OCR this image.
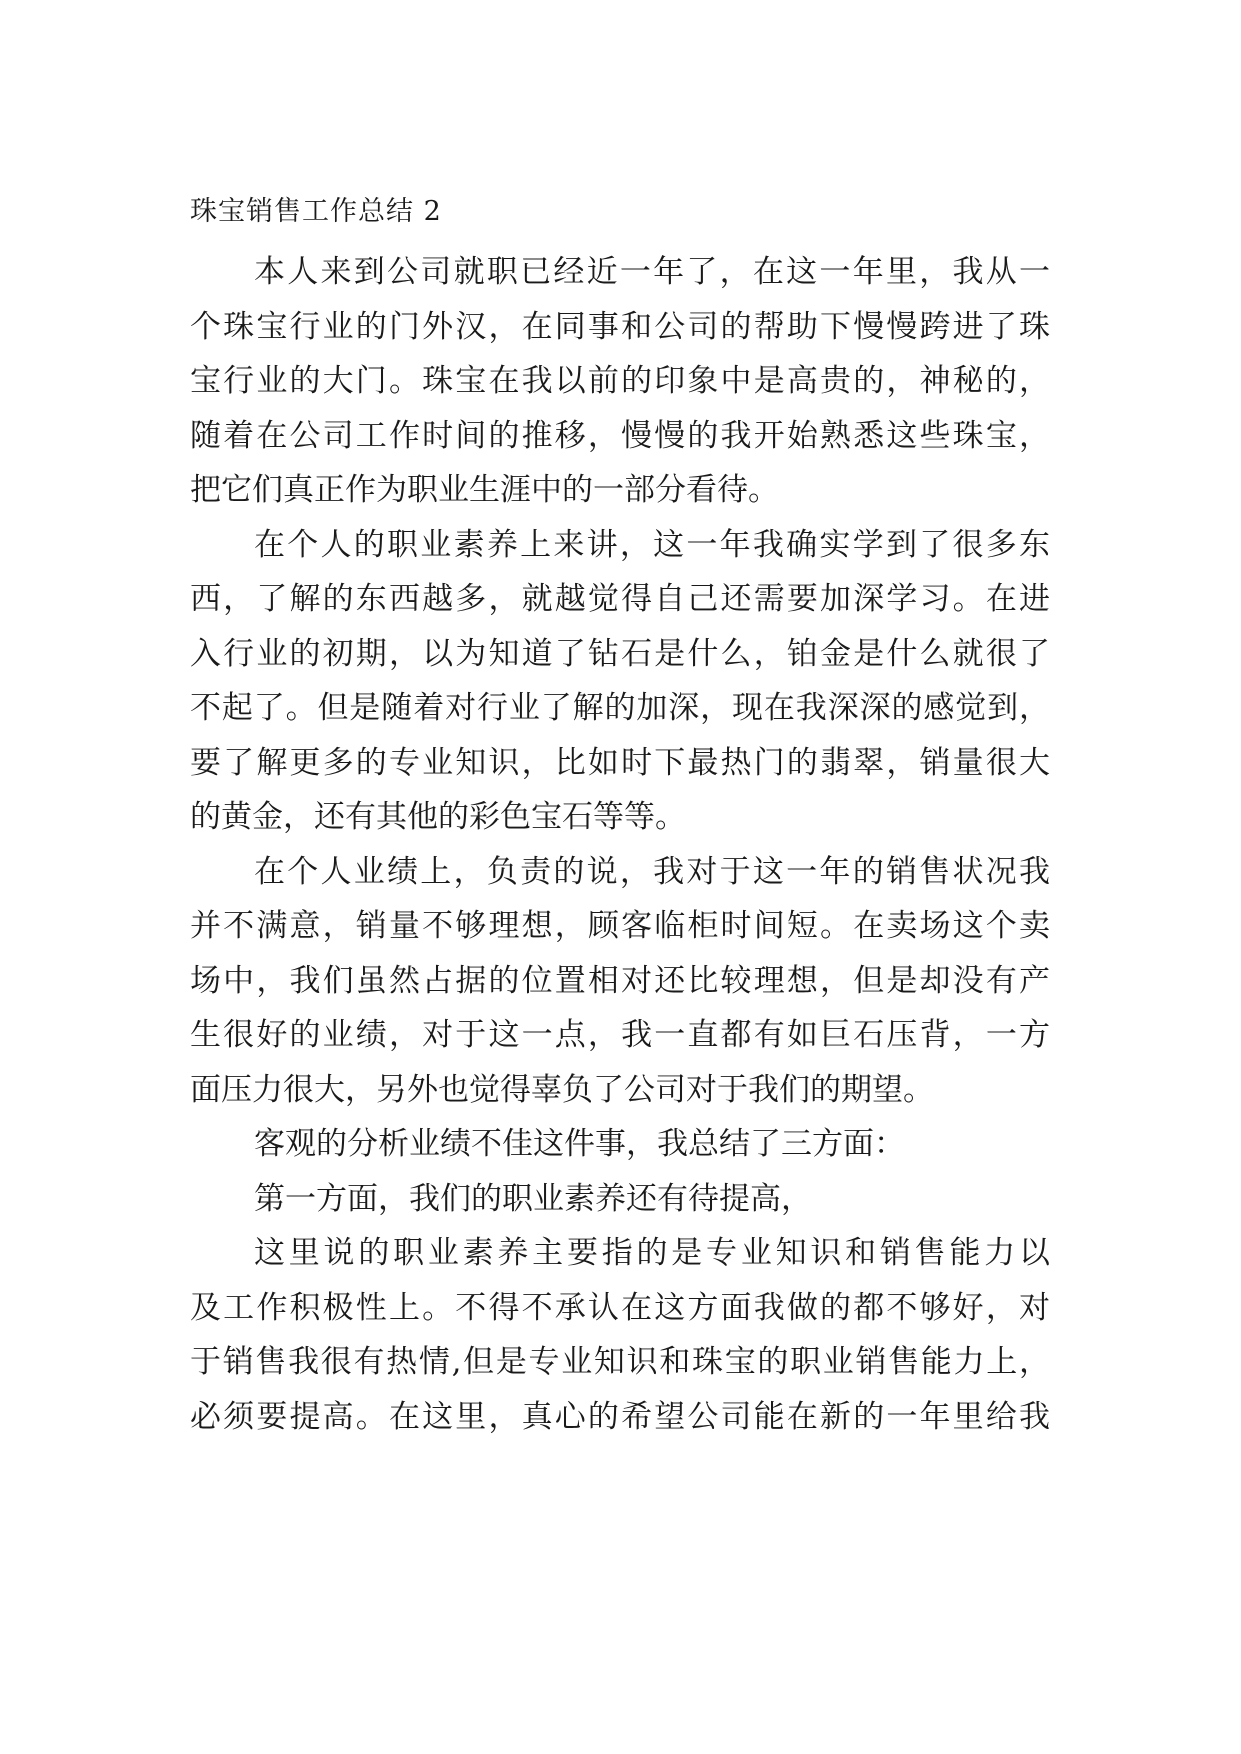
珠宝销售工作总结 2
本人来到公司就职已经近一年了，在这一年里，我从一
个珠宝行业的门外汉，在同事和公司的帮助下慢慢跨进了珠
宝行业的大门。珠宝在我以前的印象中是高贵的，神秘的，
随着在公司工作时间的推移，慢慢的我开始熟悉这些珠宝，
把它们真正作为职业生涯中的一部分看待。
在个人的职业素养上来讲，这一年我确实学到了很多东
西，了解的东西越多，就越觉得自己还需要加深学习。在进
入行业的初期，以为知道了钻石是什么，铂金是什么就很了
不起了。但是随着对行业了解的加深，现在我深深的感觉到，
要了解更多的专业知识，比如时下最热门的翡翠，销量很大
的黄金，还有其他的彩色宝石等等。
在个人业绩上，负责的说，我对于这一年的销售状况我
并不满意，销量不够理想，顾客临柜时间短。在卖场这个卖
场中，我们虽然占据的位置相对还比较理想，但是却没有产
生很好的业绩，对于这一点，我一直都有如巨石压背，一方
面压力很大，另外也觉得辜负了公司对于我们的期望。
客观的分析业绩不佳这件事，我总结了三方面：
第一方面，我们的职业素养还有待提高，
这里说的职业素养主要指的是专业知识和销售能力以
及工作积极性上。不得不承认在这方面我做的都不够好，对
于销售我很有热情,但是专业知识和珠宝的职业销售能力上，
必须要提高。在这里，真心的希望公司能在新的一年里给我
